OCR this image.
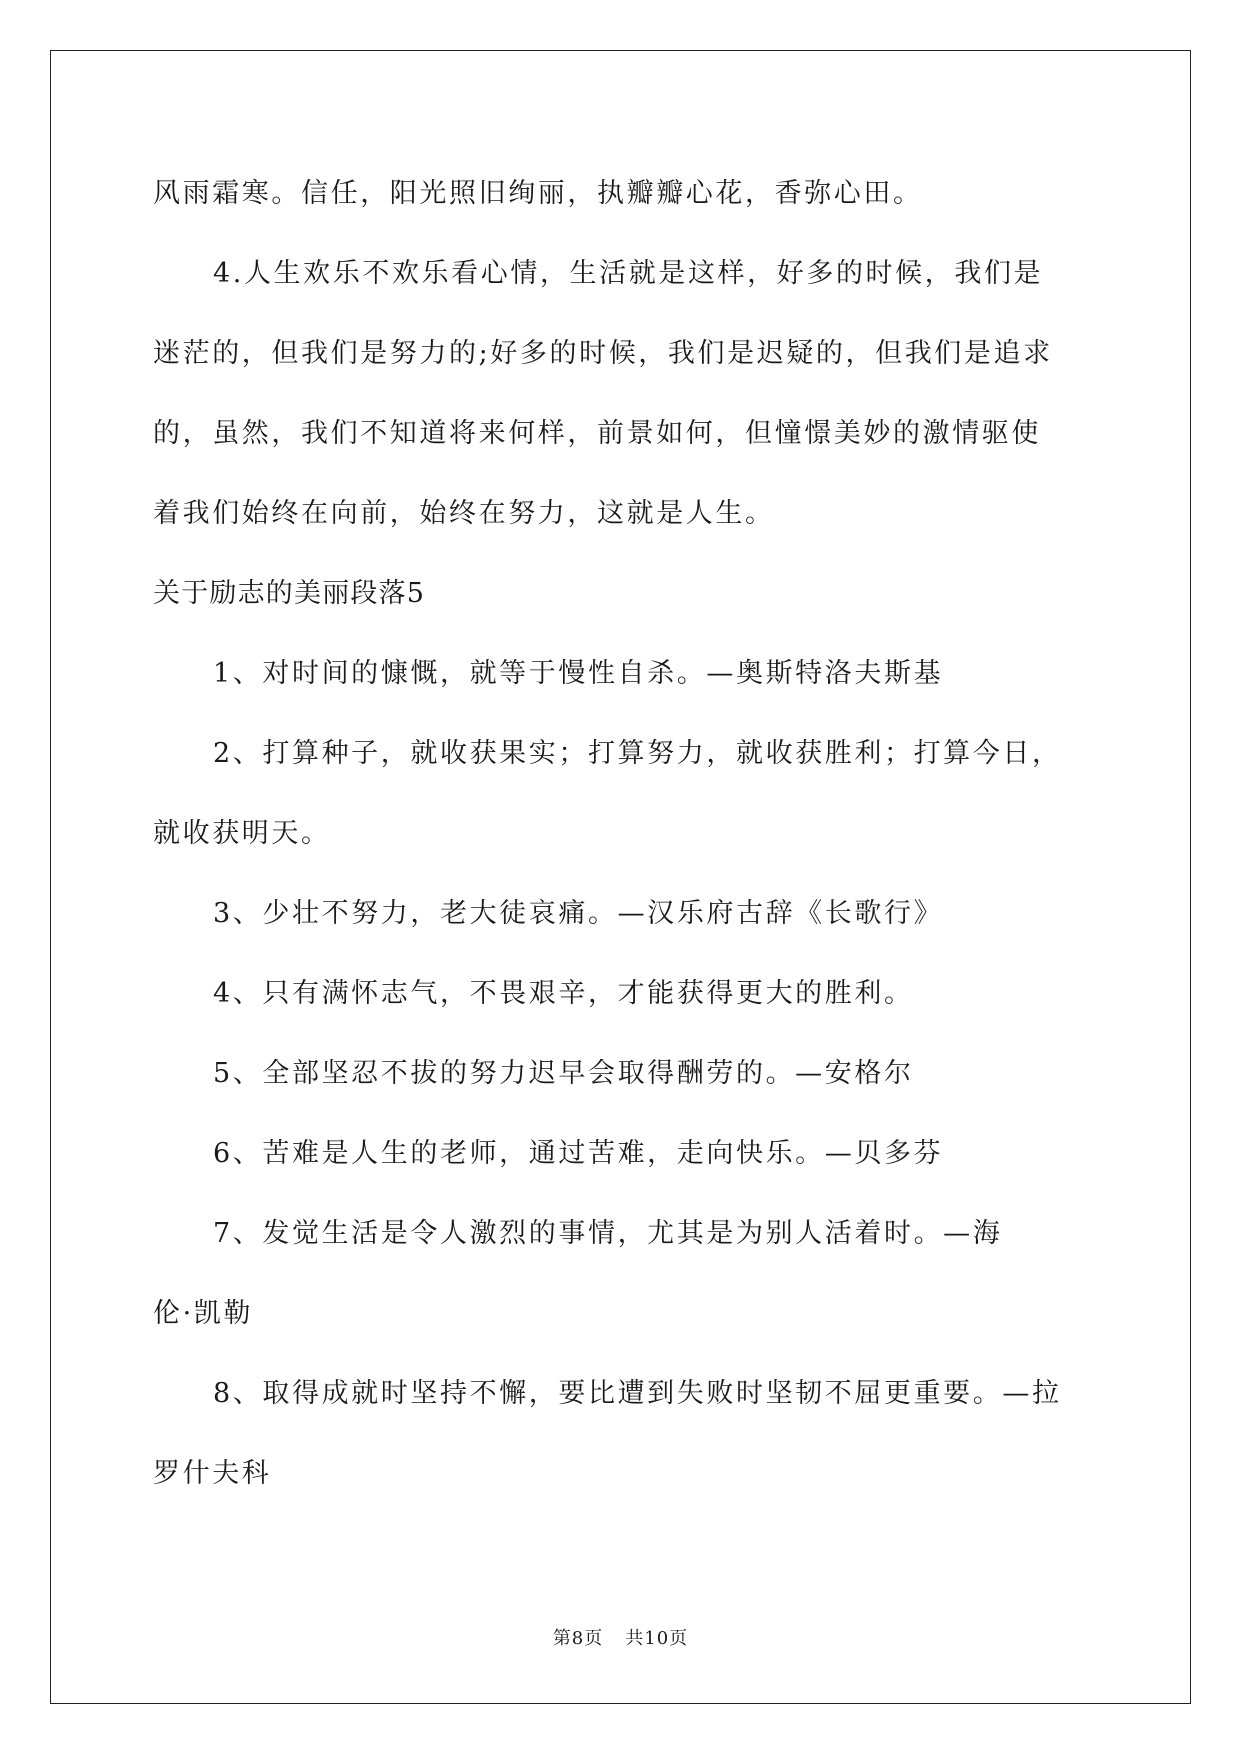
风雨霜寒。信任，阳光照旧绚丽，执瓣瓣心花，香弥心田。
4.人生欢乐不欢乐看心情，生活就是这样，好多的时候，我们是
迷茫的，但我们是努力的;好多的时候，我们是迟疑的，但我们是追求
的，虽然，我们不知道将来何样，前景如何，但憧憬美妙的激情驱使
着我们始终在向前，始终在努力，这就是人生。
关于励志的美丽段落5
1、对时间的慷慨，就等于慢性自杀。—奥斯特洛夫斯基
2、打算种子，就收获果实；打算努力，就收获胜利；打算今日，
就收获明天。
3、少壮不努力，老大徒哀痛。—汉乐府古辞《长歌行》
4、只有满怀志气，不畏艰辛，才能获得更大的胜利。
5、全部坚忍不拔的努力迟早会取得酬劳的。—安格尔
6、苦难是人生的老师，通过苦难，走向快乐。—贝多芬
7、发觉生活是令人激烈的事情，尤其是为别人活着时。—海
伦·凯勒
8、取得成就时坚持不懈，要比遭到失败时坚韧不屈更重要。—拉
罗什夫科
第8页 共10页
